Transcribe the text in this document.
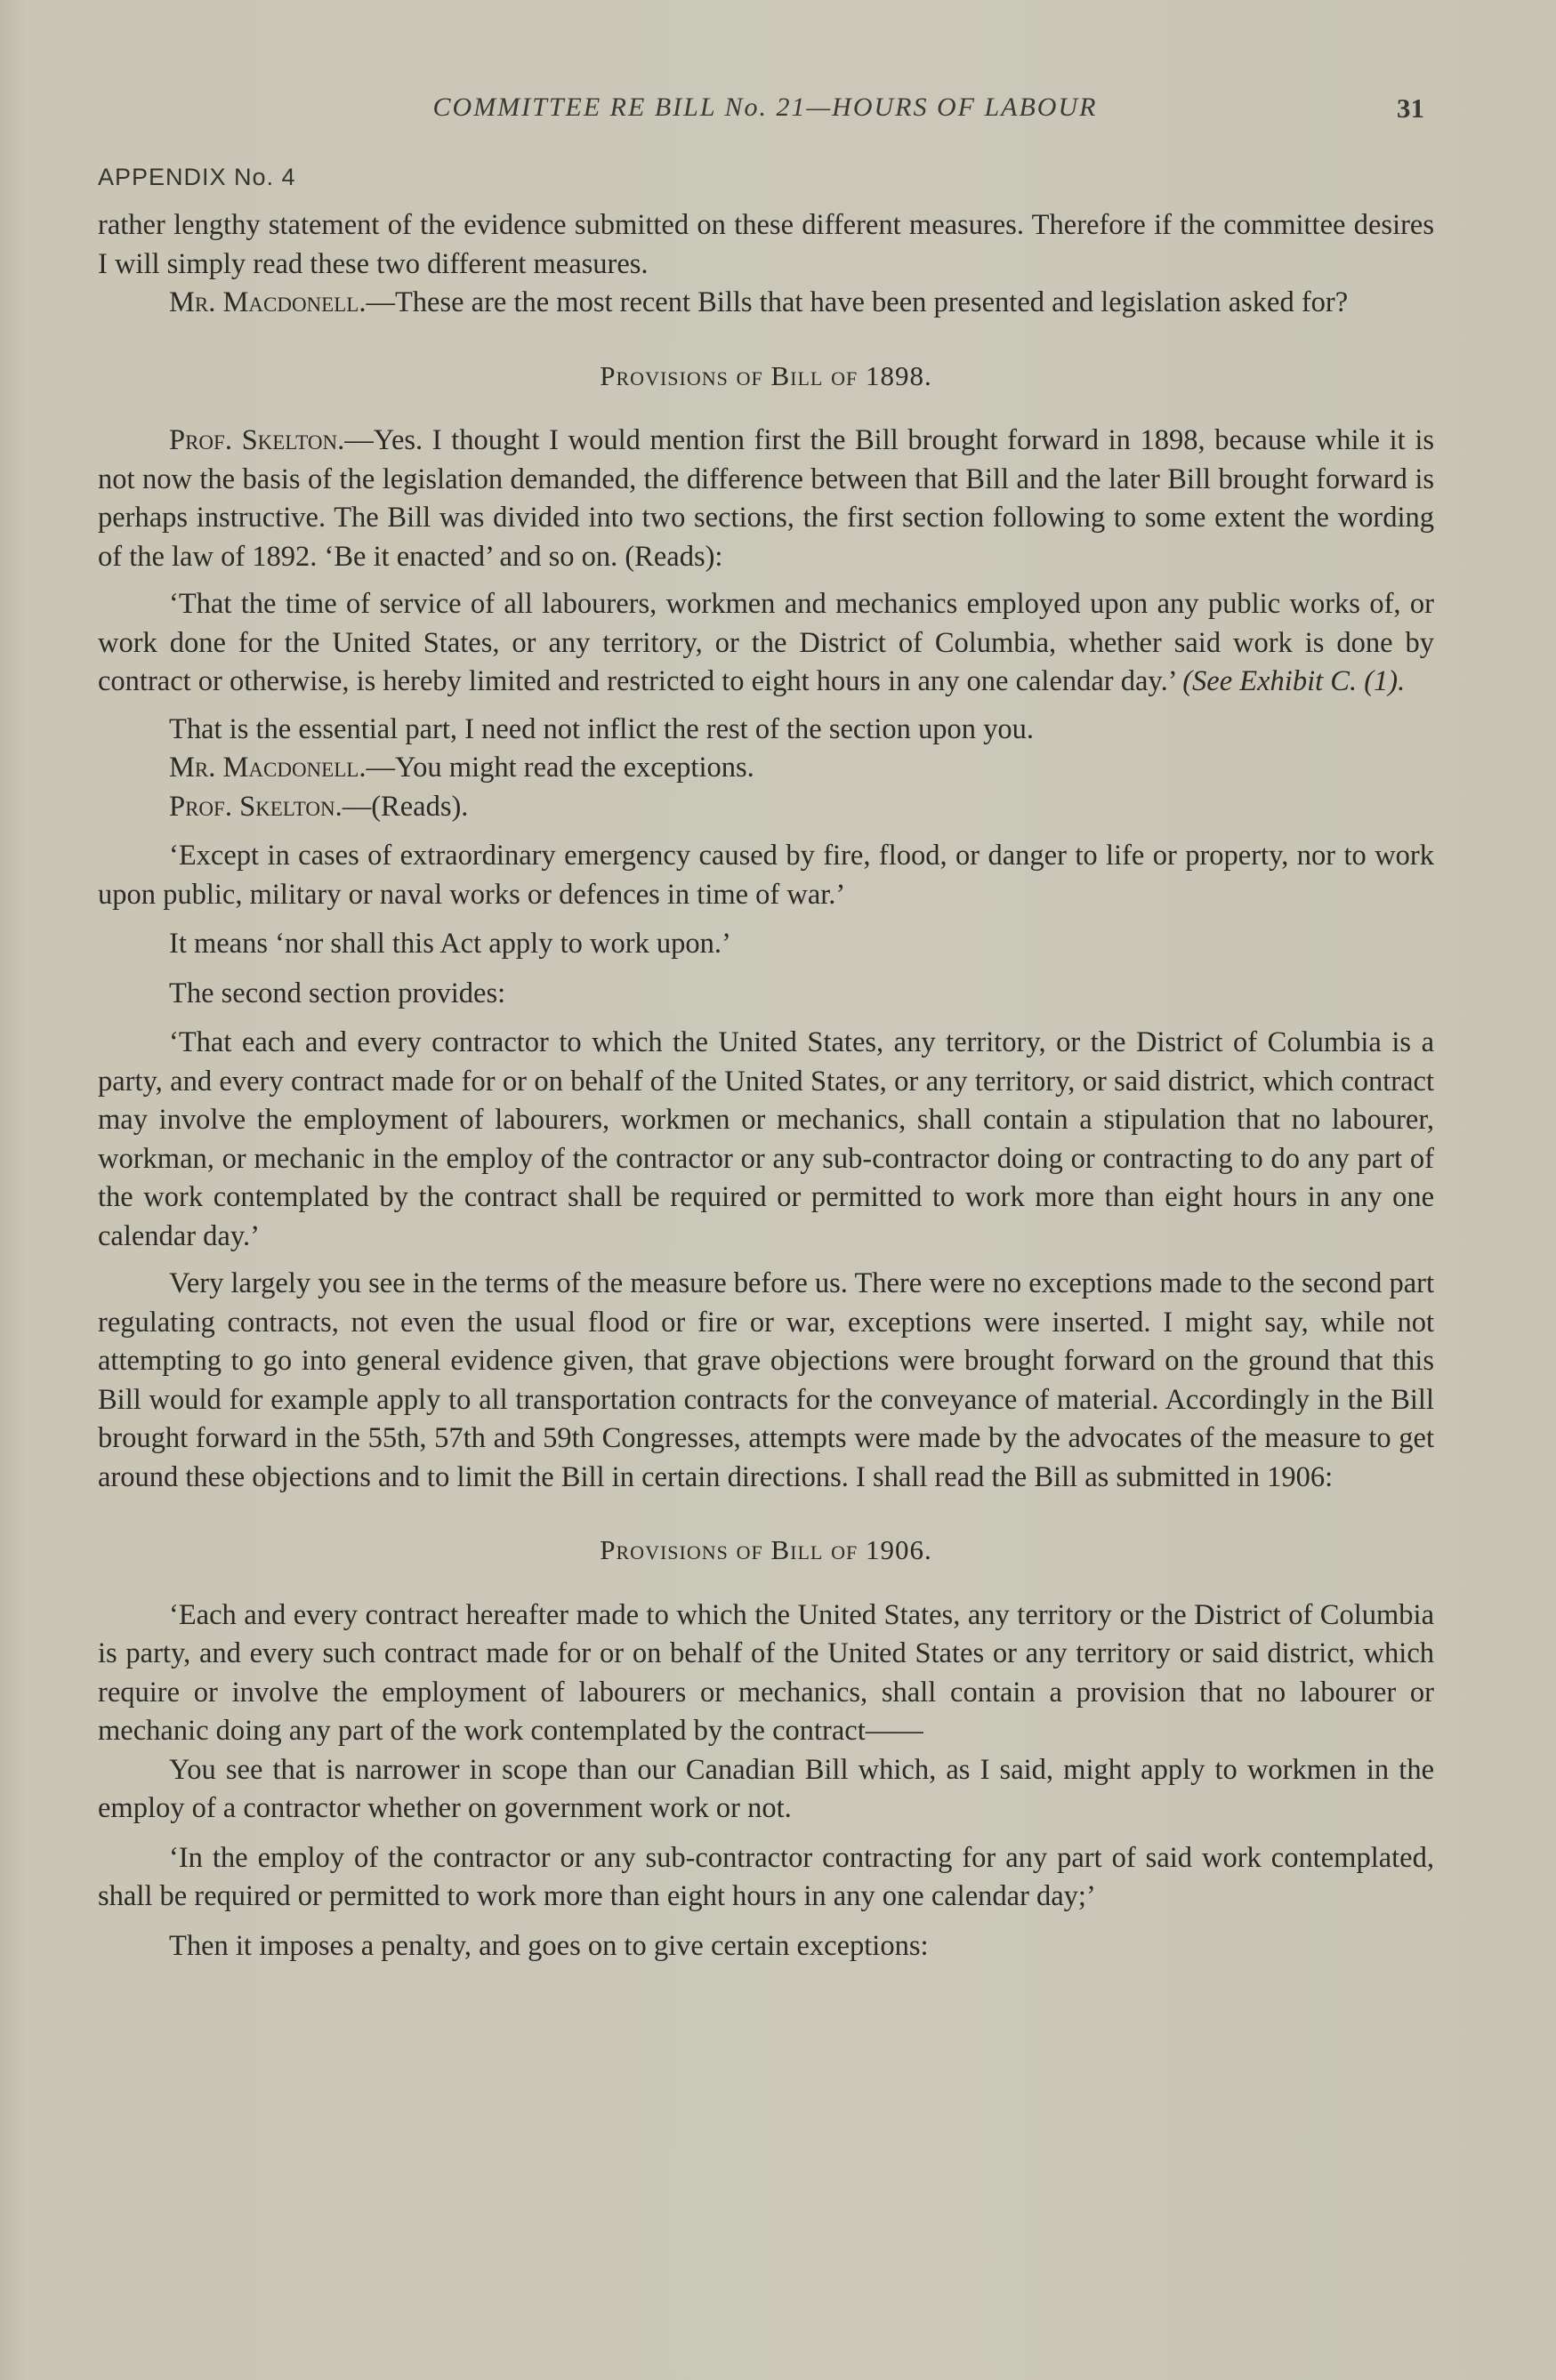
COMMITTEE RE BILL No. 21—HOURS OF LABOUR	31
APPENDIX No. 4

rather lengthy statement of the evidence submitted on these different measures. Therefore if the committee desires I will simply read these two different measures.

Mr. Macdonell.—These are the most recent Bills that have been presented and legislation asked for?

Provisions of Bill of 1898.

Prof. Skelton.—Yes. I thought I would mention first the Bill brought forward in 1898, because while it is not now the basis of the legislation demanded, the difference between that Bill and the later Bill brought forward is perhaps instructive. The Bill was divided into two sections, the first section following to some extent the wording of the law of 1892. ‘Be it enacted’ and so on. (Reads):

‘That the time of service of all labourers, workmen and mechanics employed upon any public works of, or work done for the United States, or any territory, or the District of Columbia, whether said work is done by contract or otherwise, is hereby limited and restricted to eight hours in any one calendar day.’ (See Exhibit C. (1).

That is the essential part, I need not inflict the rest of the section upon you.

Mr. Macdonell.—You might read the exceptions.

Prof. Skelton.—(Reads).

‘Except in cases of extraordinary emergency caused by fire, flood, or danger to life or property, nor to work upon public, military or naval works or defences in time of war.’

It means ‘nor shall this Act apply to work upon.’

The second section provides:

‘That each and every contractor to which the United States, any territory, or the District of Columbia is a party, and every contract made for or on behalf of the United States, or any territory, or said district, which contract may involve the employment of labourers, workmen or mechanics, shall contain a stipulation that no labourer, workman, or mechanic in the employ of the contractor or any sub-contractor doing or contracting to do any part of the work contemplated by the contract shall be required or permitted to work more than eight hours in any one calendar day.’

Very largely you see in the terms of the measure before us. There were no exceptions made to the second part regulating contracts, not even the usual flood or fire or war, exceptions were inserted. I might say, while not attempting to go into general evidence given, that grave objections were brought forward on the ground that this Bill would for example apply to all transportation contracts for the conveyance of material. Accordingly in the Bill brought forward in the 55th, 57th and 59th Congresses, attempts were made by the advocates of the measure to get around these objections and to limit the Bill in certain directions. I shall read the Bill as submitted in 1906:

Provisions of Bill of 1906.

‘Each and every contract hereafter made to which the United States, any territory or the District of Columbia is party, and every such contract made for or on behalf of the United States or any territory or said district, which require or involve the employment of labourers or mechanics, shall contain a provision that no labourer or mechanic doing any part of the work contemplated by the contract——

You see that is narrower in scope than our Canadian Bill which, as I said, might apply to workmen in the employ of a contractor whether on government work or not.

‘In the employ of the contractor or any sub-contractor contracting for any part of said work contemplated, shall be required or permitted to work more than eight hours in any one calendar day;’

Then it imposes a penalty, and goes on to give certain exceptions:
